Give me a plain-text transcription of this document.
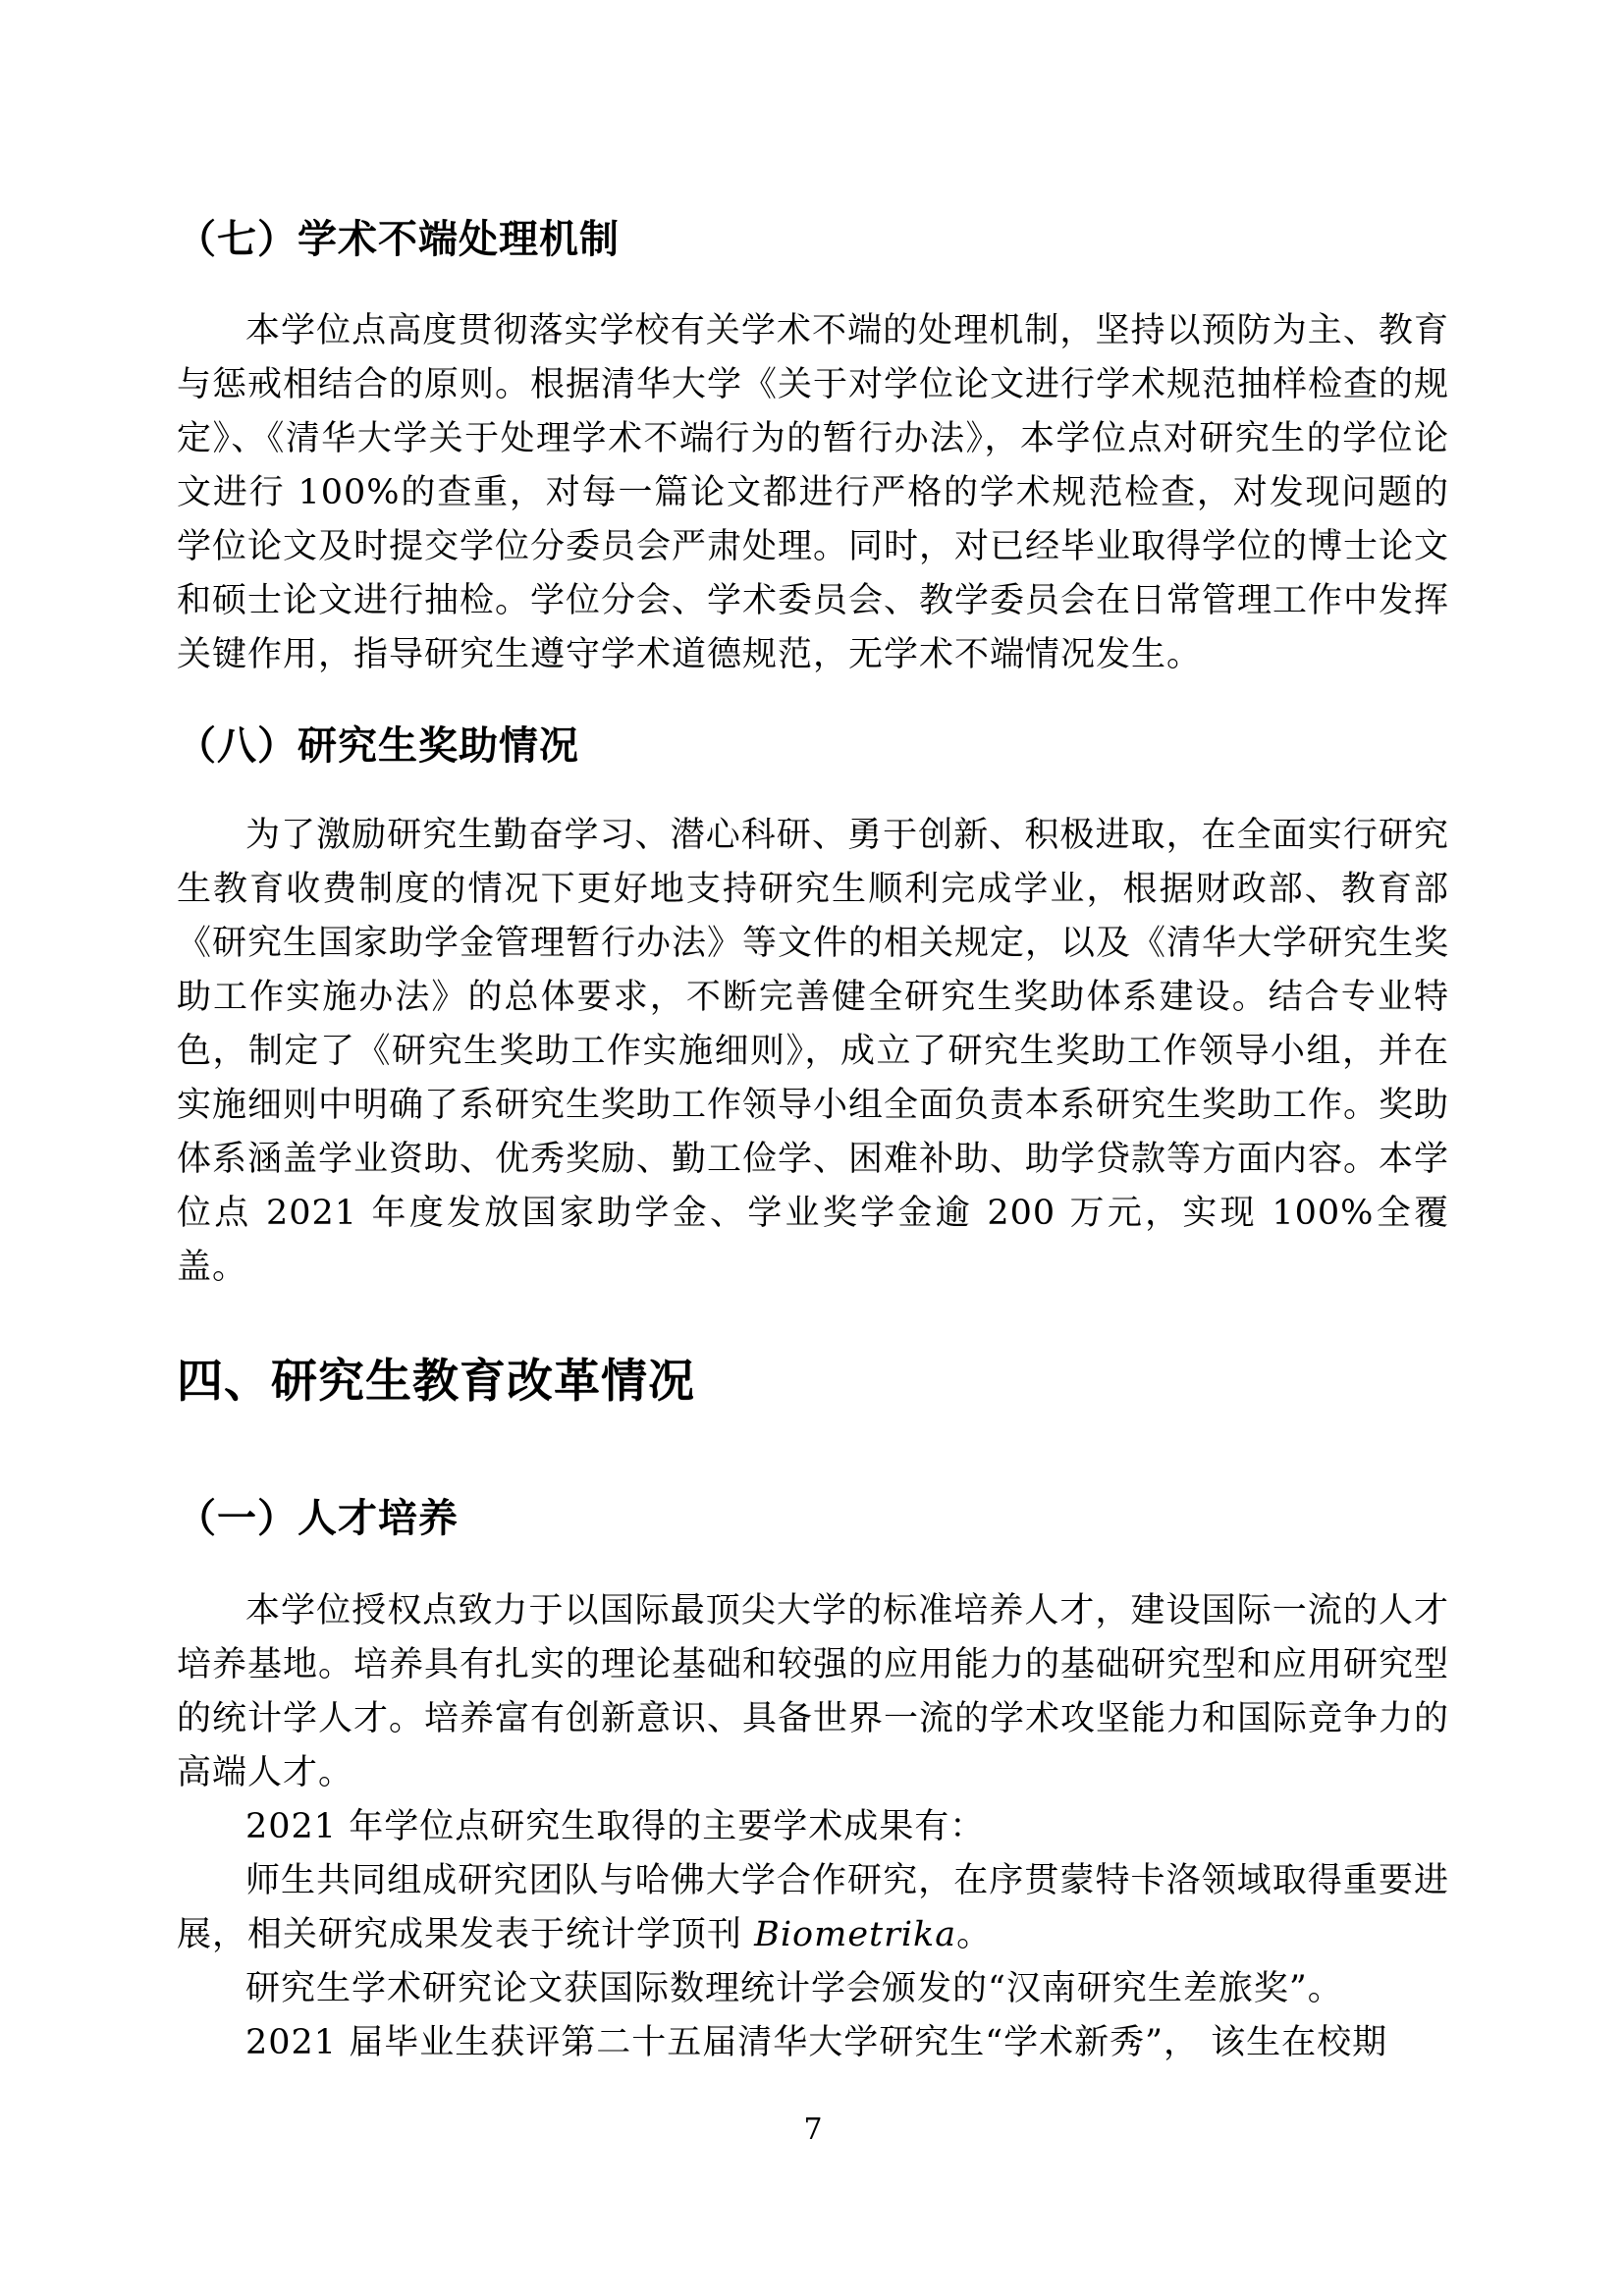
（七）学术不端处理机制

本学位点高度贯彻落实学校有关学术不端的处理机制，坚持以预防为主、教育与惩戒相结合的原则。根据清华大学《关于对学位论文进行学术规范抽样检查的规定》、《清华大学关于处理学术不端行为的暂行办法》，本学位点对研究生的学位论文进行 100%的查重，对每一篇论文都进行严格的学术规范检查，对发现问题的学位论文及时提交学位分委员会严肃处理。同时，对已经毕业取得学位的博士论文和硕士论文进行抽检。学位分会、学术委员会、教学委员会在日常管理工作中发挥关键作用，指导研究生遵守学术道德规范，无学术不端情况发生。

（八）研究生奖助情况

为了激励研究生勤奋学习、潜心科研、勇于创新、积极进取，在全面实行研究生教育收费制度的情况下更好地支持研究生顺利完成学业，根据财政部、教育部《研究生国家助学金管理暂行办法》等文件的相关规定，以及《清华大学研究生奖助工作实施办法》的总体要求，不断完善健全研究生奖助体系建设。结合专业特色，制定了《研究生奖助工作实施细则》，成立了研究生奖助工作领导小组，并在实施细则中明确了系研究生奖助工作领导小组全面负责本系研究生奖助工作。奖助体系涵盖学业资助、优秀奖励、勤工俭学、困难补助、助学贷款等方面内容。本学位点 2021 年度发放国家助学金、学业奖学金逾 200 万元，实现 100%全覆盖。

四、研究生教育改革情况
（一）人才培养

本学位授权点致力于以国际最顶尖大学的标准培养人才，建设国际一流的人才培养基地。培养具有扎实的理论基础和较强的应用能力的基础研究型和应用研究型的统计学人才。培养富有创新意识、具备世界一流的学术攻坚能力和国际竞争力的高端人才。

2021 年学位点研究生取得的主要学术成果有：

师生共同组成研究团队与哈佛大学合作研究，在序贯蒙特卡洛领域取得重要进展，相关研究成果发表于统计学顶刊 Biometrika。

研究生学术研究论文获国际数理统计学会颁发的“汉南研究生差旅奖”。

2021 届毕业生获评第二十五届清华大学研究生“学术新秀”， 该生在校期

7
